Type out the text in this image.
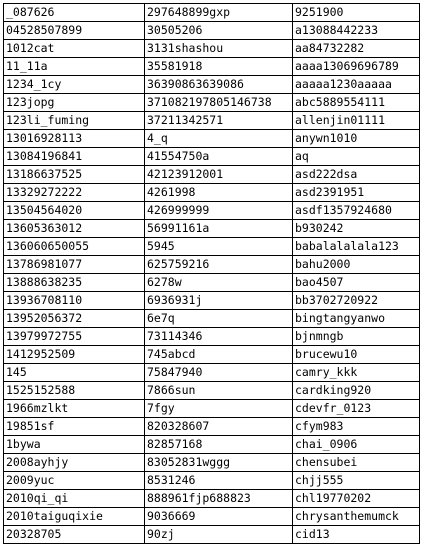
_087626	297648899gxp	9251900
04528507899	30505206	a13088442233
1012cat	3131shashou	aa84732282
11_11a	35581918	aaaa13069696789
1234_1cy	36390863639086	aaaaa1230aaaaa
123jopg	371082197805146738	abc5889554111
123li_fuming	37211342571	allenjin01111
13016928113	4_q	anywn1010
13084196841	41554750a	aq
13186637525	42123912001	asd222dsa
13329272222	4261998	asd2391951
13504564020	426999999	asdf1357924680
13605363012	56991161a	b930242
136060650055	5945	babalalalala123
13786981077	625759216	bahu2000
13888638235	6278w	bao4507
13936708110	6936931j	bb3702720922
13952056372	6e7q	bingtangyanwo
13979972755	73114346	bjnmngb
1412952509	745abcd	brucewu10
145	75847940	camry_kkk
1525152588	7866sun	cardking920
1966mzlkt	7fgy	cdevfr_0123
19851sf	820328607	cfym983
1bywa	82857168	chai_0906
2008ayhjy	83052831wggg	chensubei
2009yuc	8531246	chjj555
2010qi_qi	888961fjp688823	chl19770202
2010taiguqixie	9036669	chrysanthemumck
20328705	90zj	cid13
